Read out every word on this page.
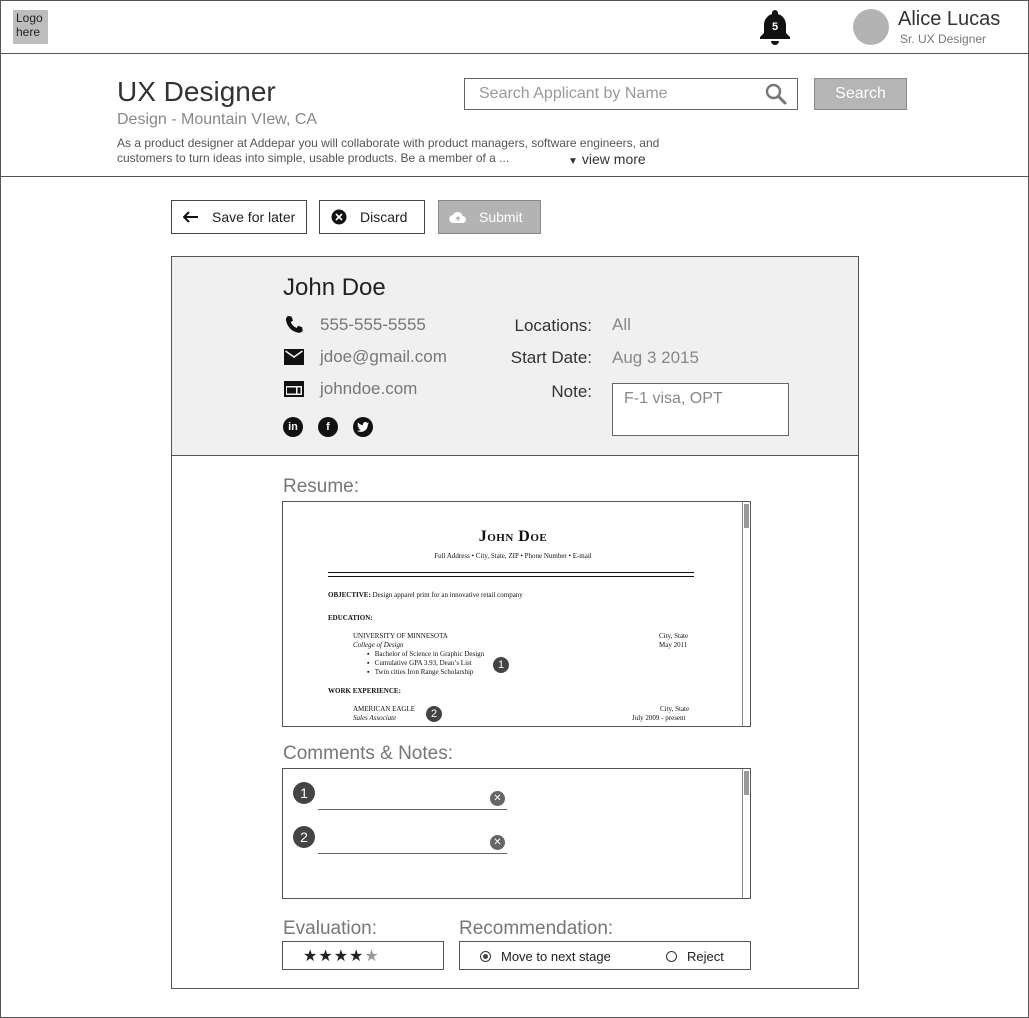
Logo here	5	Alice Lucas
Sr. UX Designer
UX Designer
Design - Mountain VIew, CA
As a product designer at Addepar you will collaborate with product managers, software engineers, and customers to turn ideas into simple, usable products. Be a member of a ...	▼ view more
Search Applicant by Name
Search
Save for later	Discard	Submit
John Doe
555-555-5555
jdoe@gmail.com
johndoe.com
in	f
Locations: All
Start Date: Aug 3 2015
Note:	F-1 visa, OPT
Resume:
John Doe
Full Address • City, State, ZIP • Phone Number • E-mail
OBJECTIVE: Design apparel print for an innovative retail company
EDUCATION:
UNIVERSITY OF MINNESOTA	City, State
College of Design	May 2011
▪   Bachelor of Science in Graphic Design
▪   Cumulative GPA 3.93, Dean’s List
▪   Twin cities Iron Range Scholarship
1
WORK EXPERIENCE:
AMERICAN EAGLE	2	City, State
Sales Associate	July 2009 - present
Comments & Notes:
1	✕
2	✕
Evaluation:	Recommendation:
★★★★★	Move to next stage	Reject
